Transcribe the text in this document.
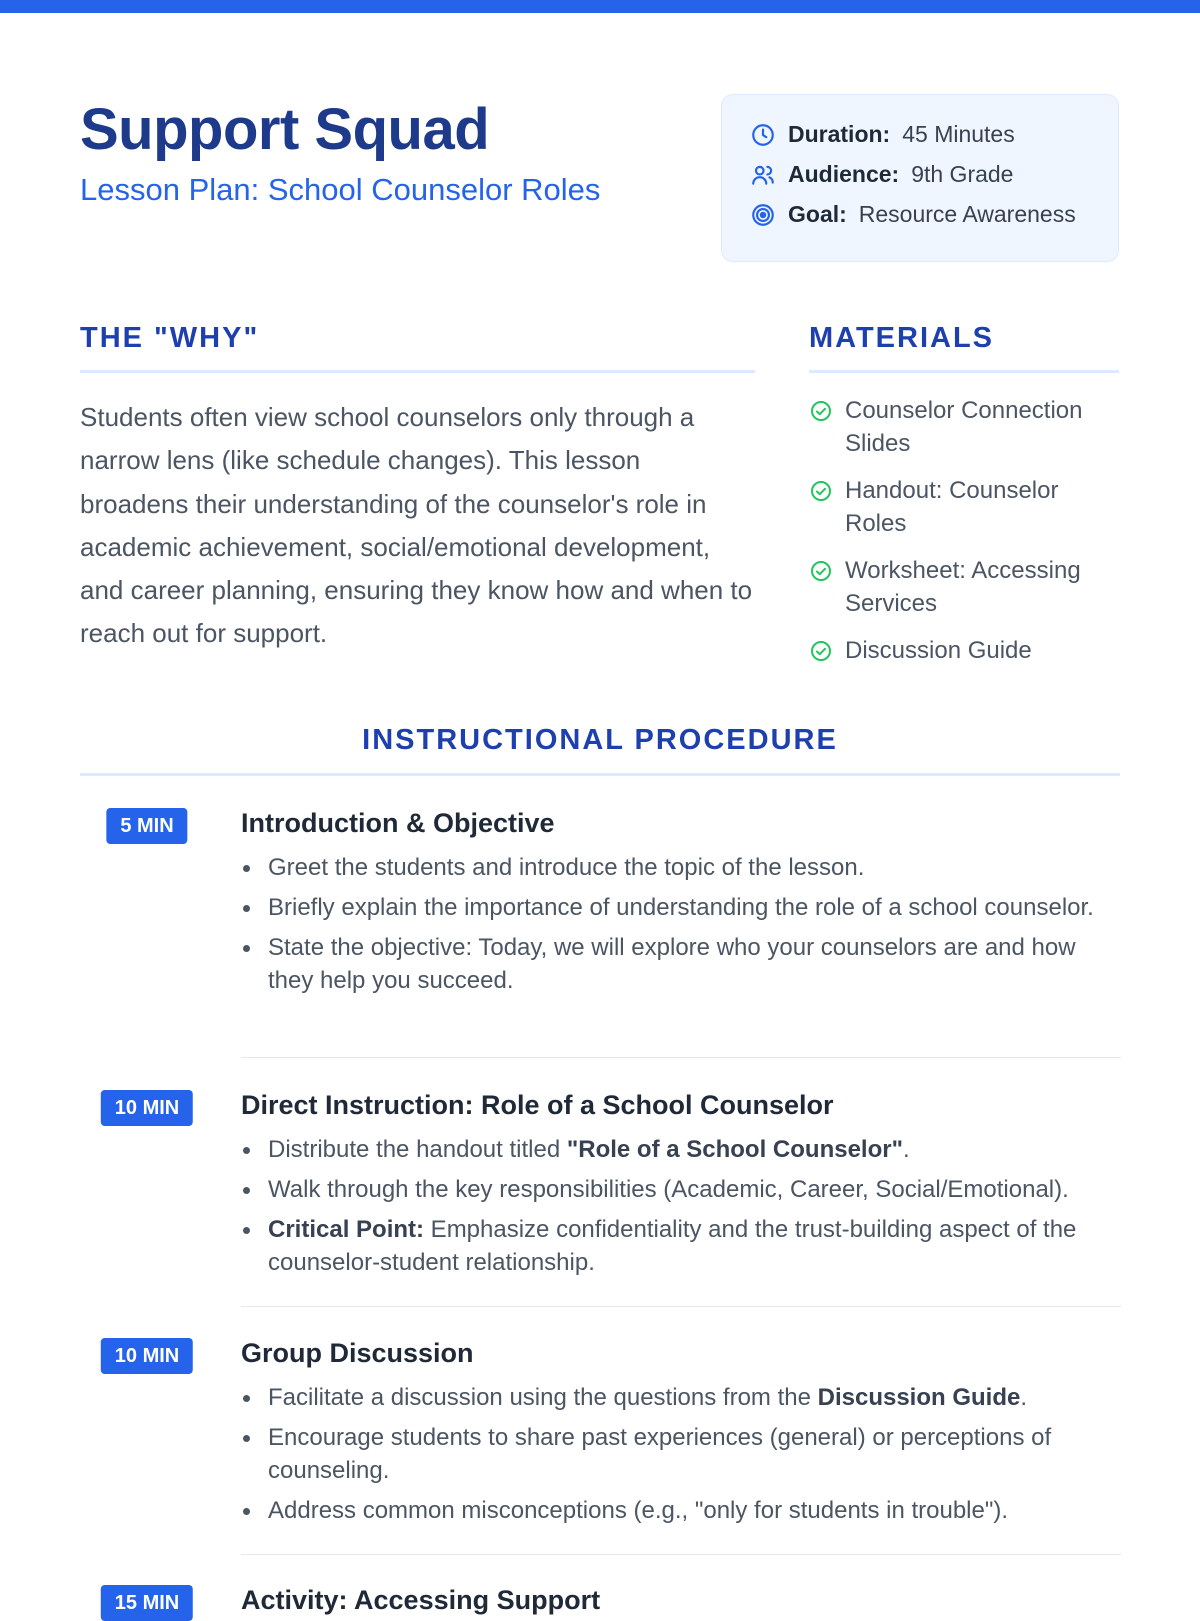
Support Squad
Lesson Plan: School Counselor Roles
Duration: 45 Minutes
Audience: 9th Grade
Goal: Resource Awareness
THE "WHY"

Students often view school counselors only through a narrow lens (like schedule changes). This lesson broadens their understanding of the counselor's role in academic achievement, social/emotional development, and career planning, ensuring they know how and when to reach out for support.

MATERIALS
Counselor Connection Slides
Handout: Counselor Roles
Worksheet: Accessing Services
Discussion Guide
INSTRUCTIONAL PROCEDURE
5 MIN	Introduction & Objective
Greet the students and introduce the topic of the lesson.
Briefly explain the importance of understanding the role of a school counselor.
State the objective: Today, we will explore who your counselors are and how they help you succeed.
10 MIN	Direct Instruction: Role of a School Counselor
Distribute the handout titled "Role of a School Counselor".
Walk through the key responsibilities (Academic, Career, Social/Emotional).
Critical Point: Emphasize confidentiality and the trust-building aspect of the counselor-student relationship.
10 MIN	Group Discussion
Facilitate a discussion using the questions from the Discussion Guide.
Encourage students to share past experiences (general) or perceptions of counseling.
Address common misconceptions (e.g., "only for students in trouble").
15 MIN	Activity: Accessing Support
